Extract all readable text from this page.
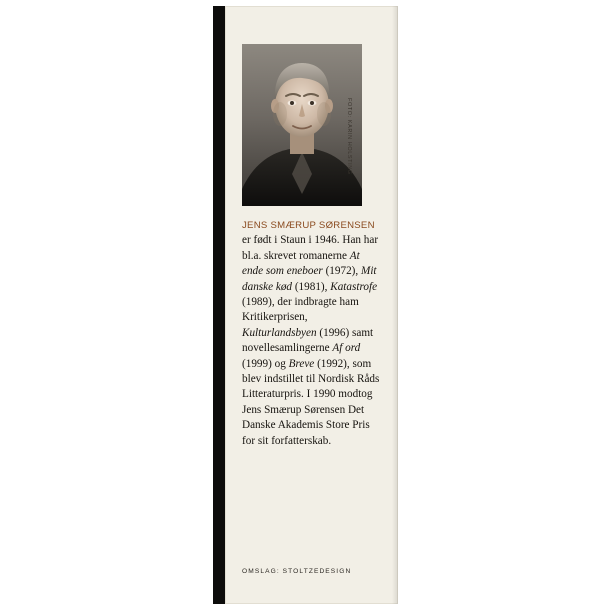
FOTO: KARIN HOLSTING
JENS SMÆRUP SØRENSEN er født i Staun i 1946. Han har bl.a. skrevet romanerne At ende som eneboer (1972), Mit danske kød (1981), Katastrofe (1989), der indbragte ham Kritikerprisen, Kulturlandsbyen (1996) samt novellesamlingerne Af ord (1999) og Breve (1992), som blev indstillet til Nordisk Råds Litteraturpris. I 1990 modtog Jens Smærup Sørensen Det Danske Akademis Store Pris for sit forfatterskab.
OMSLAG: STOLTZEDESIGN
